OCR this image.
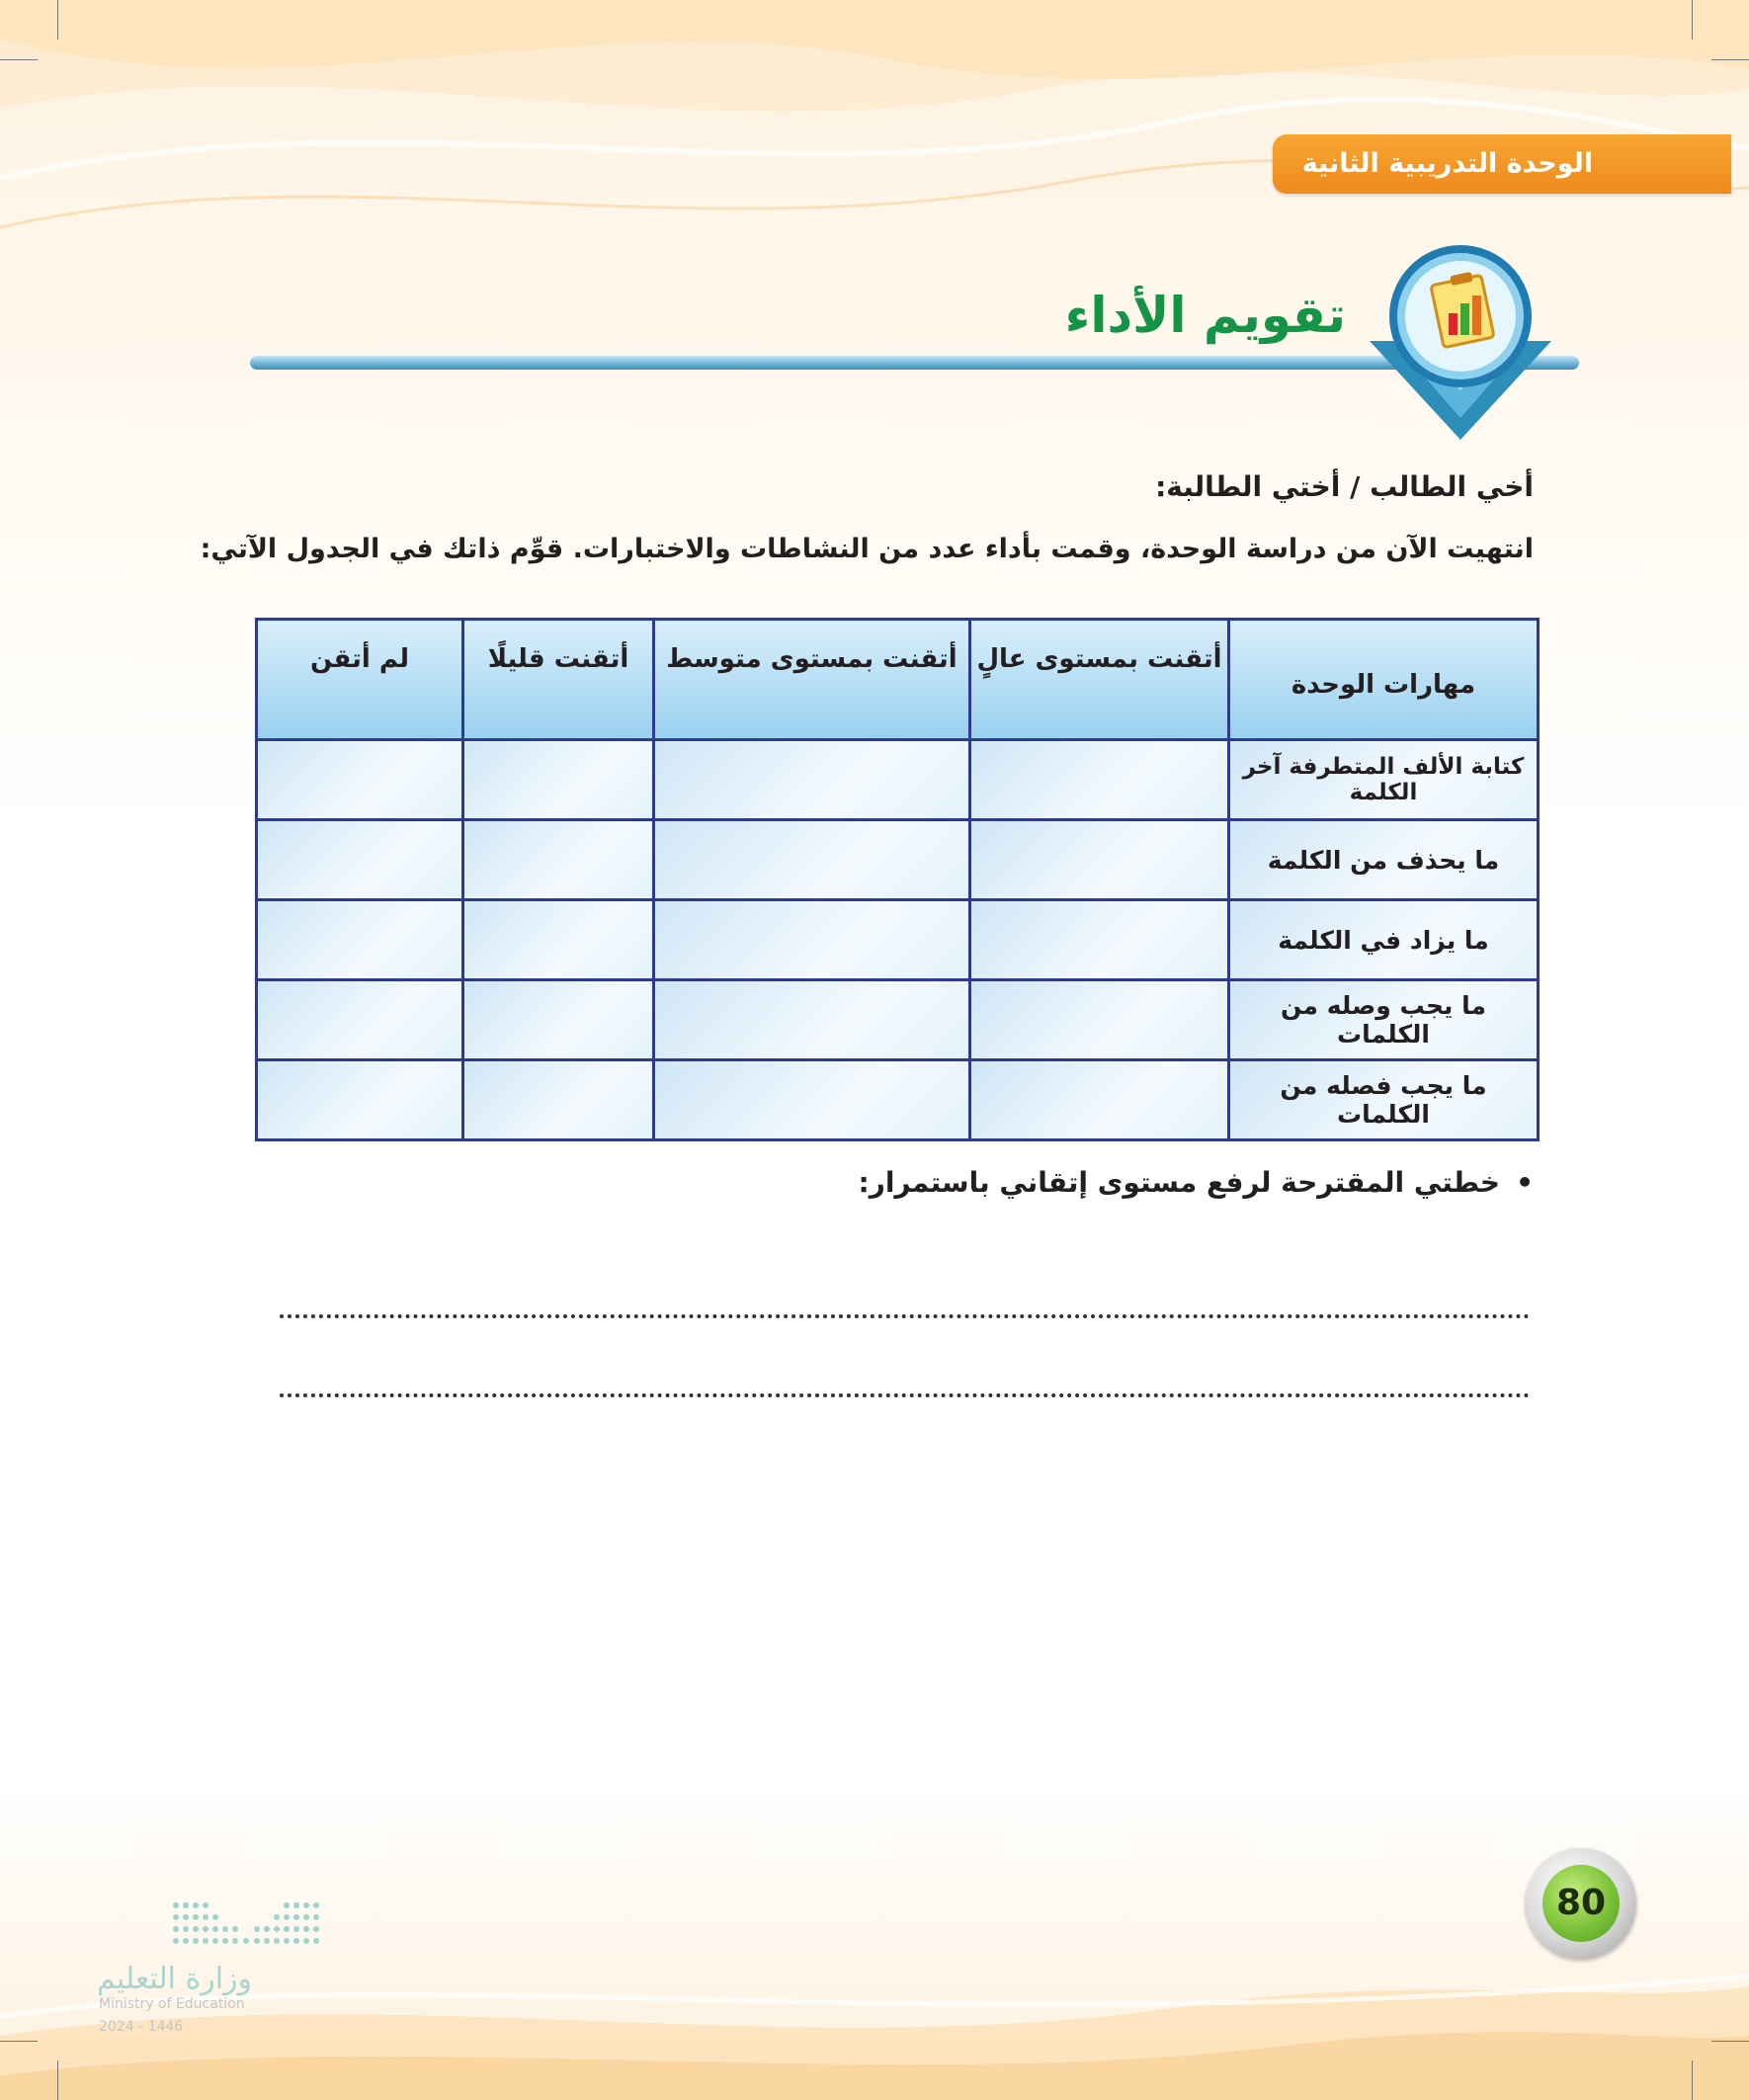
الوحدة التدريبية الثانية
تقويم الأداء
أخي الطالب / أختي الطالبة:
انتهيت الآن من دراسة الوحدة، وقمت بأداء عدد من النشاطات والاختبارات. قوِّم ذاتك في الجدول الآتي:
مهارات الوحدة	أتقنت بمستوى عالٍ	أتقنت بمستوى متوسط	أتقنت قليلًا	لم أتقن
كتابة الألف المتطرفة آخر الكلمة				
ما يحذف من الكلمة				
ما يزاد في الكلمة				
ما يجب وصله من الكلمات				
ما يجب فصله من الكلمات				
•خطتي المقترحة لرفع مستوى إتقاني باستمرار:
80
وزارة التعليم
Ministry of Education
2024 - 1446
